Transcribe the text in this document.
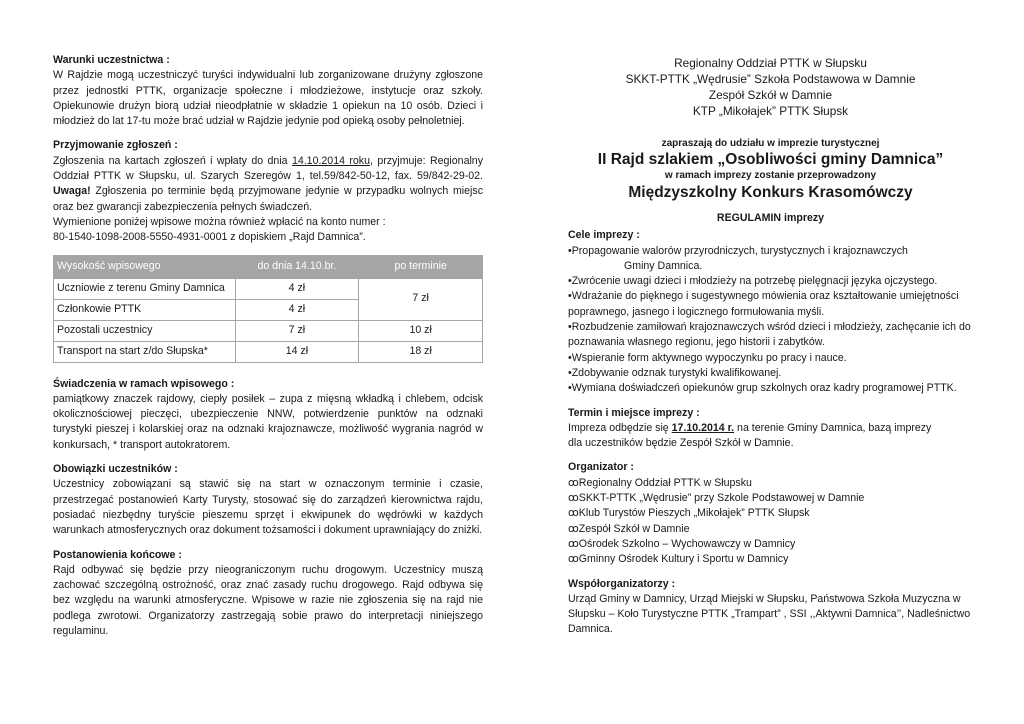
Warunki uczestnictwa :
W Rajdzie mogą uczestniczyć turyści indywidualni lub zorganizowane drużyny zgłoszone przez jednostki PTTK, organizacje społeczne i młodzieżowe, instytucje oraz szkoły. Opiekunowie drużyn biorą udział nieodpłatnie w składzie 1 opiekun na 10 osób. Dzieci i młodzież do lat 17-tu może brać udział w Rajdzie jedynie pod opieką osoby pełnoletniej.
Przyjmowanie zgłoszeń :
Zgłoszenia na kartach zgłoszeń i wpłaty do dnia 14.10.2014 roku, przyjmuje: Regionalny Oddział PTTK w Słupsku, ul. Szarych Szeregów 1, tel.59/842-50-12, fax. 59/842-29-02. Uwaga! Zgłoszenia po terminie będą przyjmowane jedynie w przypadku wolnych miejsc oraz bez gwarancji zabezpieczenia pełnych świadczeń.
Wymienione poniżej wpisowe można również wpłacić na konto numer :
80-1540-1098-2008-5550-4931-0001 z dopiskiem „Rajd Damnica”.
Wysokość wpisowego	do dnia 14.10.br.	po terminie
Uczniowie z terenu Gminy Damnica	4 zł	7 zł
Członkowie PTTK	4 zł	
Pozostali uczestnicy	7 zł	10 zł
Transport na start z/do Słupska*	14 zł	18 zł
Świadczenia w ramach wpisowego :
pamiątkowy znaczek rajdowy, ciepły posiłek – zupa z mięsną wkładką i chlebem, odcisk okolicznościowej pieczęci, ubezpieczenie NNW, potwierdzenie punktów na odznaki turystyki pieszej i kolarskiej oraz na odznaki krajoznawcze, możliwość wygrania nagród w konkursach, * transport autokratorem.
Obowiązki uczestników :
Uczestnicy zobowiązani są stawić się na start w oznaczonym terminie i czasie, przestrzegać postanowień Karty Turysty, stosować się do zarządzeń kierownictwa rajdu, posiadać niezbędny turyście pieszemu sprzęt i ekwipunek do wędrówki w każdych warunkach atmosferycznych oraz dokument tożsamości i dokument uprawniający do zniżki.
Postanowienia końcowe :
Rajd odbywać się będzie przy nieograniczonym ruchu drogowym. Uczestnicy muszą zachować szczególną ostrożność, oraz znać zasady ruchu drogowego. Rajd odbywa się bez względu na warunki atmosferyczne. Wpisowe w razie nie zgłoszenia się na rajd nie podlega zwrotowi. Organizatorzy zastrzegają sobie prawo do interpretacji niniejszego regulaminu.
Regionalny Oddział PTTK w Słupsku
SKKT-PTTK „Wędrusie” Szkoła Podstawowa w Damnie
Zespół Szkół w Damnie
KTP „Mikołajek” PTTK Słupsk
zapraszają do udziału w imprezie turystycznej
II Rajd szlakiem „Osobliwości gminy Damnica”
w ramach imprezy zostanie przeprowadzony
Międzyszkolny Konkurs Krasomówczy
REGULAMIN imprezy
Cele imprezy :
•Propagowanie walorów przyrodniczych, turystycznych i krajoznawczych
Gminy Damnica.
•Zwrócenie uwagi dzieci i młodzieży na potrzebę pielęgnacji języka ojczystego.
•Wdrażanie do pięknego i sugestywnego mówienia oraz kształtowanie umiejętności poprawnego, jasnego i logicznego formułowania myśli.
•Rozbudzenie zamiłowań krajoznawczych wśród dzieci i młodzieży, zachęcanie ich do poznawania własnego regionu, jego historii i zabytków.
•Wspieranie form aktywnego wypoczynku po pracy i nauce.
•Zdobywanie odznak turystyki kwalifikowanej.
•Wymiana doświadczeń opiekunów grup szkolnych oraz kadry programowej PTTK.
Termin i miejsce imprezy :
Impreza odbędzie się 17.10.2014 r. na terenie Gminy Damnica, bazą imprezy
dla uczestników będzie Zespół Szkół w Damnie.
Organizator :
ꝏRegionalny Oddział PTTK w Słupsku
ꝏSKKT-PTTK „Wędrusie” przy Szkole Podstawowej w Damnie
ꝏKlub Turystów Pieszych „Mikołajek” PTTK Słupsk
ꝏZespół Szkół w Damnie
ꝏOśrodek Szkolno – Wychowawczy w Damnicy
ꝏGminny Ośrodek Kultury i Sportu w Damnicy
Współorganizatorzy :
Urząd Gminy w Damnicy, Urząd Miejski w Słupsku, Państwowa Szkoła Muzyczna w Słupsku – Koło Turystyczne PTTK „Trampart” , SSI ,,Aktywni Damnica’’, Nadleśnictwo Damnica.
